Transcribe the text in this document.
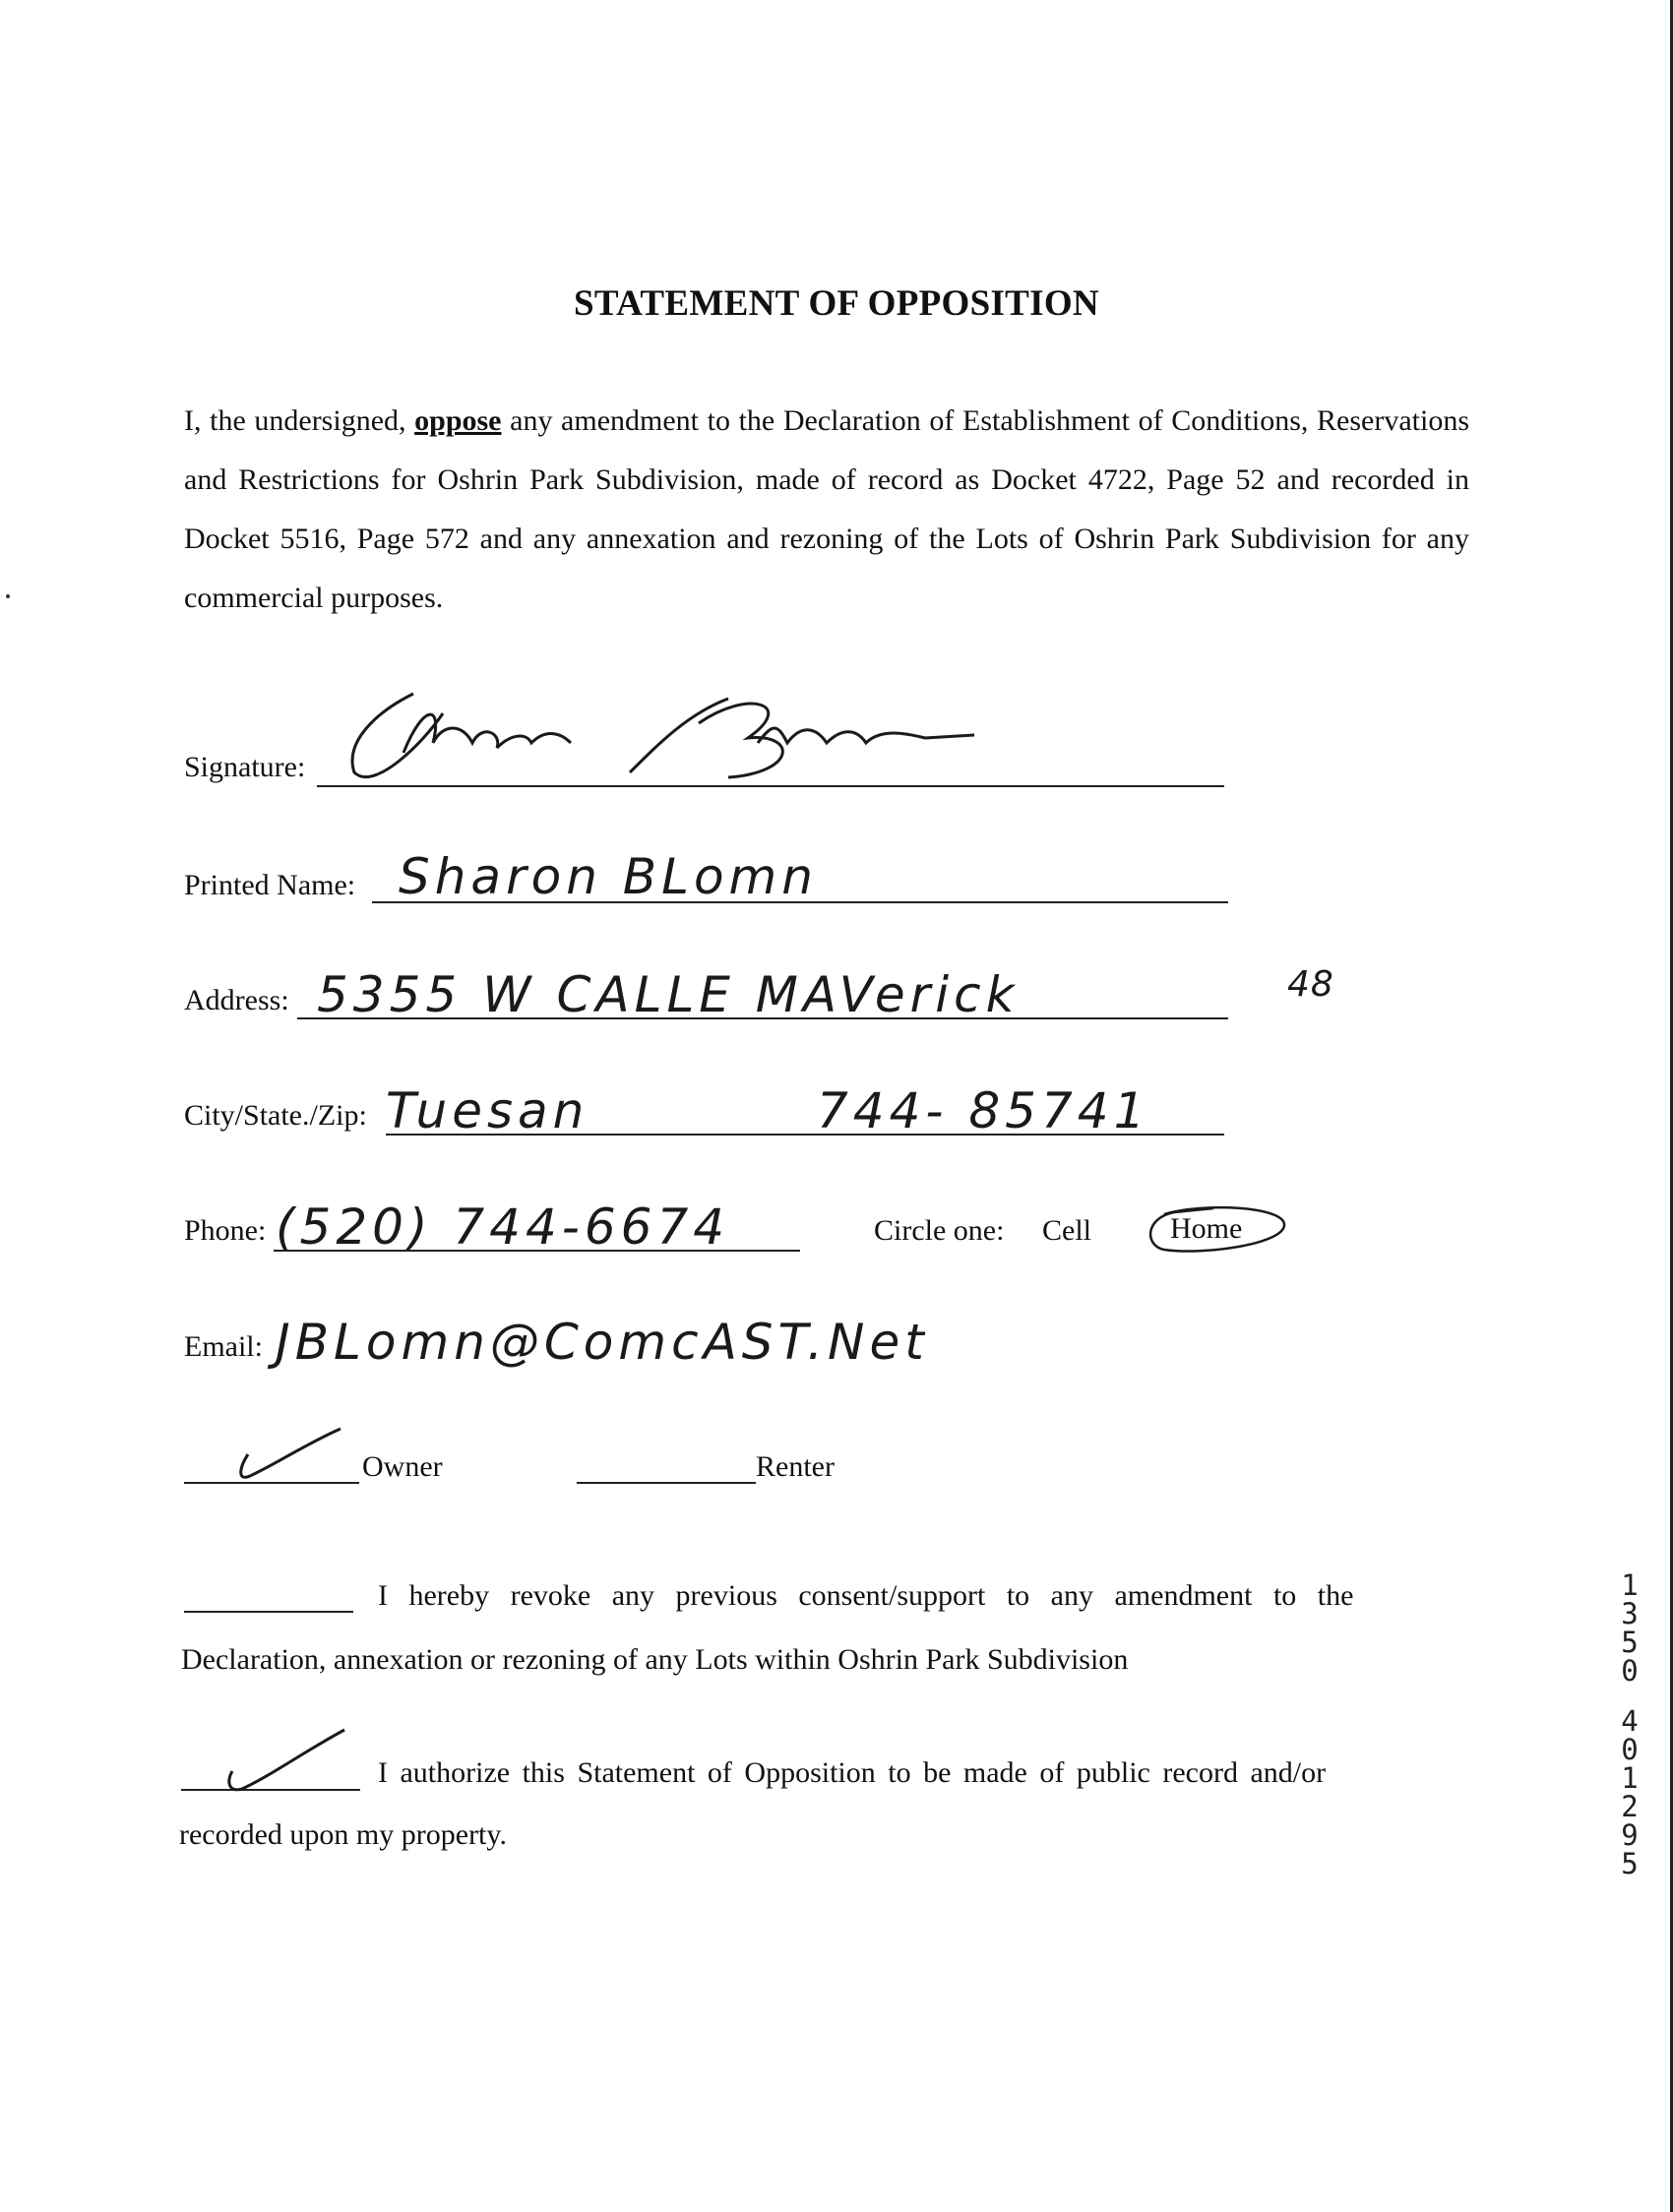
STATEMENT OF OPPOSITION
I, the undersigned, oppose any amendment to the Declaration of Establishment of Conditions, Reservations and Restrictions for Oshrin Park Subdivision, made of record as Docket 4722, Page 52 and recorded in Docket 5516, Page 572 and any annexation and rezoning of the Lots of Oshrin Park Subdivision for any commercial purposes.
Signature:
Printed Name: Sharon BLomn
Address: 5355 W CALLE MAVerick	48
City/State./Zip: Tuesan	744- 85741
Phone: (520) 744-6674	Circle one: Cell	Home
Email: JBLomn@ComcAST.Net
Owner	Renter
I hereby revoke any previous consent/support to any amendment to the
Declaration, annexation or rezoning of any Lots within Oshrin Park Subdivision
I authorize this Statement of Opposition to be made of public record and/or
recorded upon my property.
1
3
5
0
4
0
1
2
9
5
